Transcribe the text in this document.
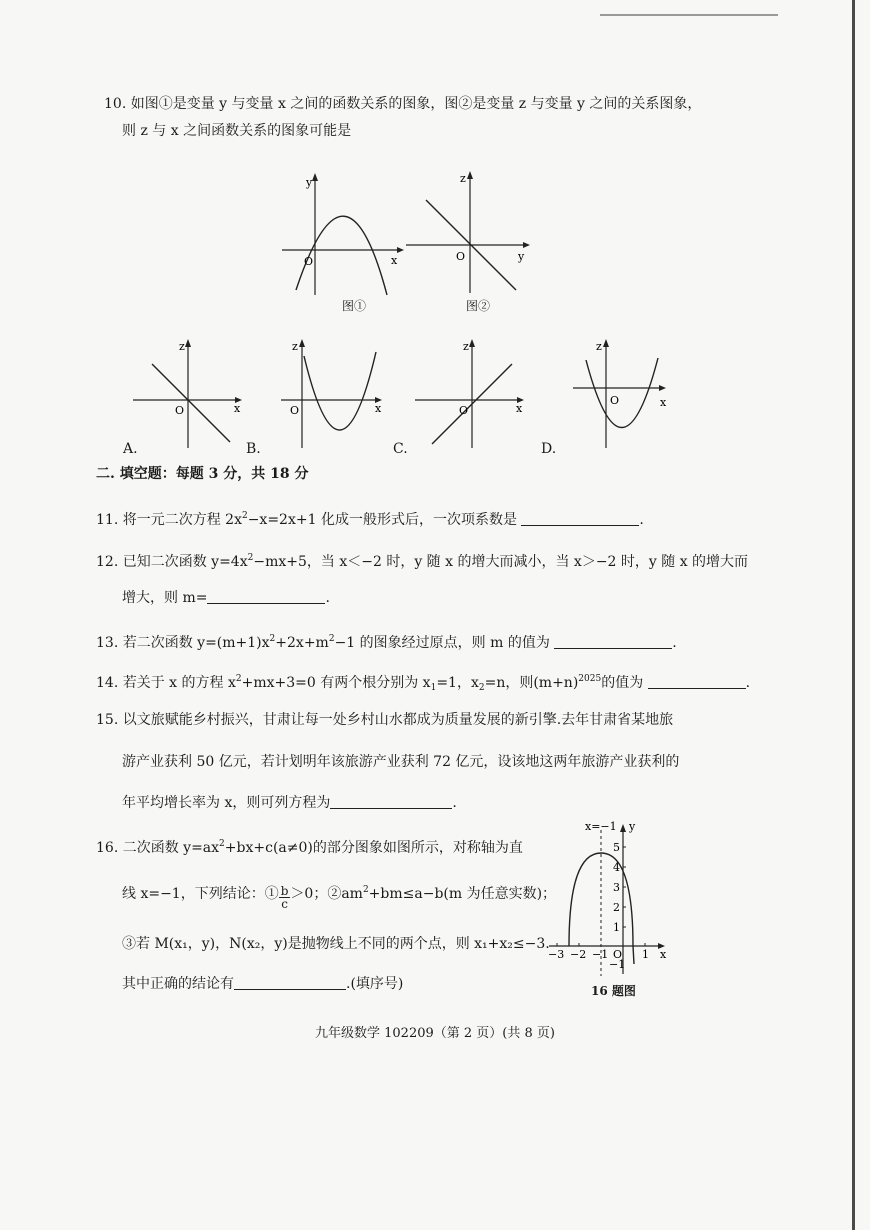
10. 如图①是变量 y 与变量 x 之间的函数关系的图象，图②是变量 z 与变量 y 之间的关系图象，
则 z 与 x 之间函数关系的图象可能是
O	x
y
图①
O	y
z
图②
O	x
z
A.
O	x
z
B.
O	x
z
C.
O	x
z
D.
二. 填空题：每题 3 分，共 18 分
11. 将一元二次方程 $2x^2-x=2x+1$ 化成一般形式后，一次项系数是	.
12. 已知二次函数 $y=4x^2-mx+5$，当 x＜−2 时，y 随 x 的增大而减小，当 x＞−2 时，y 随 x 的增大而
增大，则 m=	.
13. 若二次函数 $y=(m+1)x^2+2x+m^2-1$ 的图象经过原点，则 m 的值为	.
14. 若关于 x 的方程 $x^2+mx+3=0$ 有两个根分别为 $x_1=1$，$x_2=n$，则$(m+n)^{2025}$的值为	.
15. 以文旅赋能乡村振兴，甘肃让每一处乡村山水都成为质量发展的新引擎.去年甘肃省某地旅
游产业获利 50 亿元，若计划明年该旅游产业获利 72 亿元，设该地这两年旅游产业获利的
年平均增长率为 x，则可列方程为	.
16. 二次函数 $y=ax^2+bx+c(a\ne 0)$的部分图象如图所示，对称轴为直
线 x=−1，下列结论：① $\frac{b}{c} >0$；$②am^2+bm\le a-b(m$ 为任意实数)；
③若 M(x₁，y)，N(x₂，y)是抛物线上不同的两个点，则 x₁+x₂≤−3.
其中正确的结论有	.(填序号)
x=−1 y
x
5
4
3
2
1
−1
−3 −2 −1 O 1
16 题图
九年级数学 102209（第 2 页）(共 8 页)
